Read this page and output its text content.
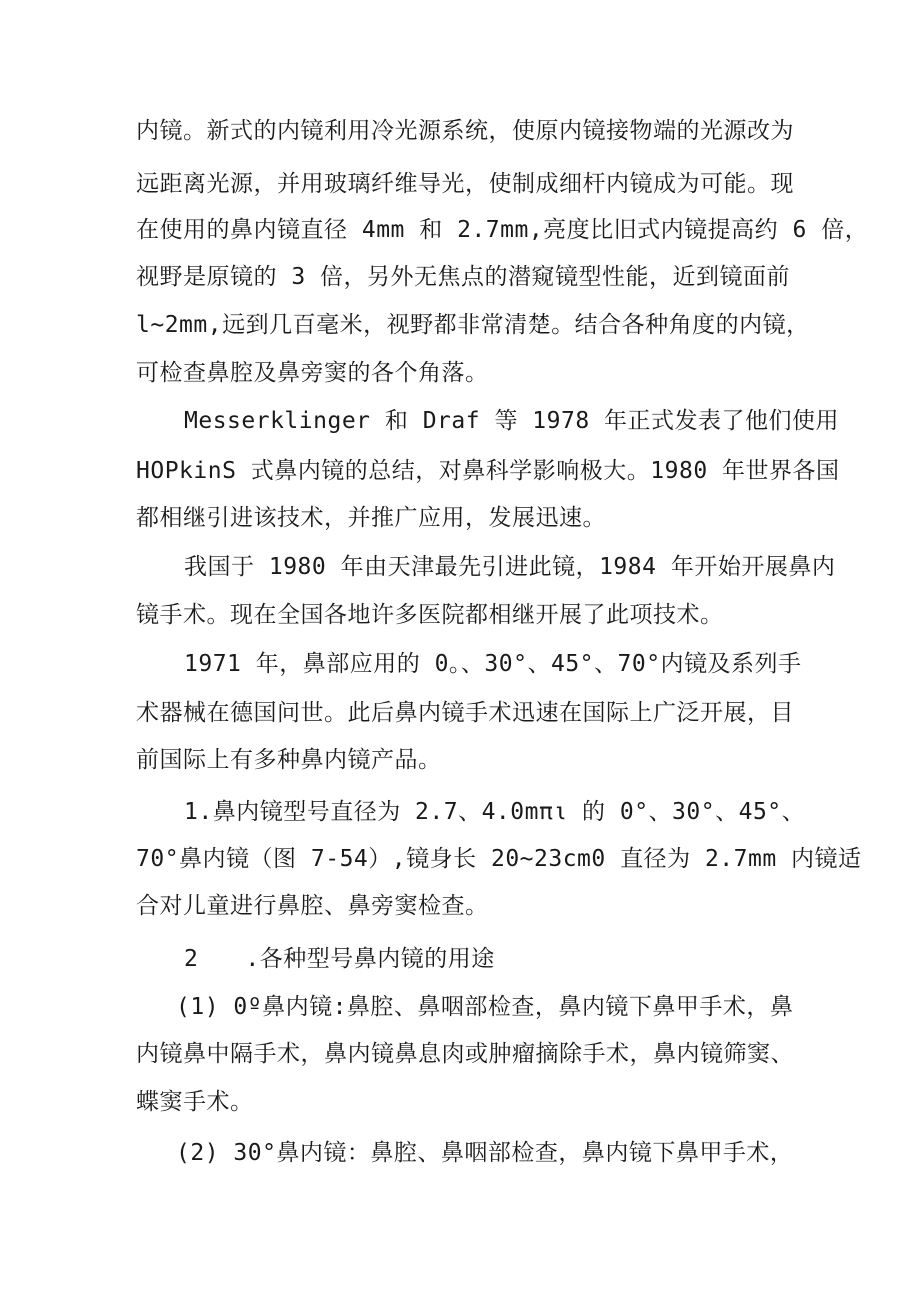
内镜。新式的内镜利用冷光源系统，使原内镜接物端的光源改为
远距离光源，并用玻璃纤维导光，使制成细杆内镜成为可能。现
在使用的鼻内镜直径 4mm 和 2.7mm,亮度比旧式内镜提高约 6 倍，
视野是原镜的 3 倍，另外无焦点的潜窥镜型性能，近到镜面前
l~2mm,远到几百毫米，视野都非常清楚。结合各种角度的内镜，
可检查鼻腔及鼻旁窦的各个角落。
Messerklinger 和 Draf 等 1978 年正式发表了他们使用
HOPkinS 式鼻内镜的总结，对鼻科学影响极大。1980 年世界各国
都相继引进该技术，并推广应用，发展迅速。
我国于 1980 年由天津最先引进此镜，1984 年开始开展鼻内
镜手术。现在全国各地许多医院都相继开展了此项技术。
1971 年，鼻部应用的 0。、30°、45°、70°内镜及系列手
术器械在德国问世。此后鼻内镜手术迅速在国际上广泛开展，目
前国际上有多种鼻内镜产品。
1.鼻内镜型号直径为 2.7、4.0mπι 的 0°、30°、45°、
70°鼻内镜（图 7-54）,镜身长 20~23cm0 直径为 2.7mm 内镜适
合对儿童进行鼻腔、鼻旁窦检查。
2　　.各种型号鼻内镜的用途
(1) 0º鼻内镜:鼻腔、鼻咽部检查，鼻内镜下鼻甲手术，鼻
内镜鼻中隔手术，鼻内镜鼻息肉或肿瘤摘除手术，鼻内镜筛窦、
蝶窦手术。
(2) 30°鼻内镜：鼻腔、鼻咽部检查，鼻内镜下鼻甲手术，
